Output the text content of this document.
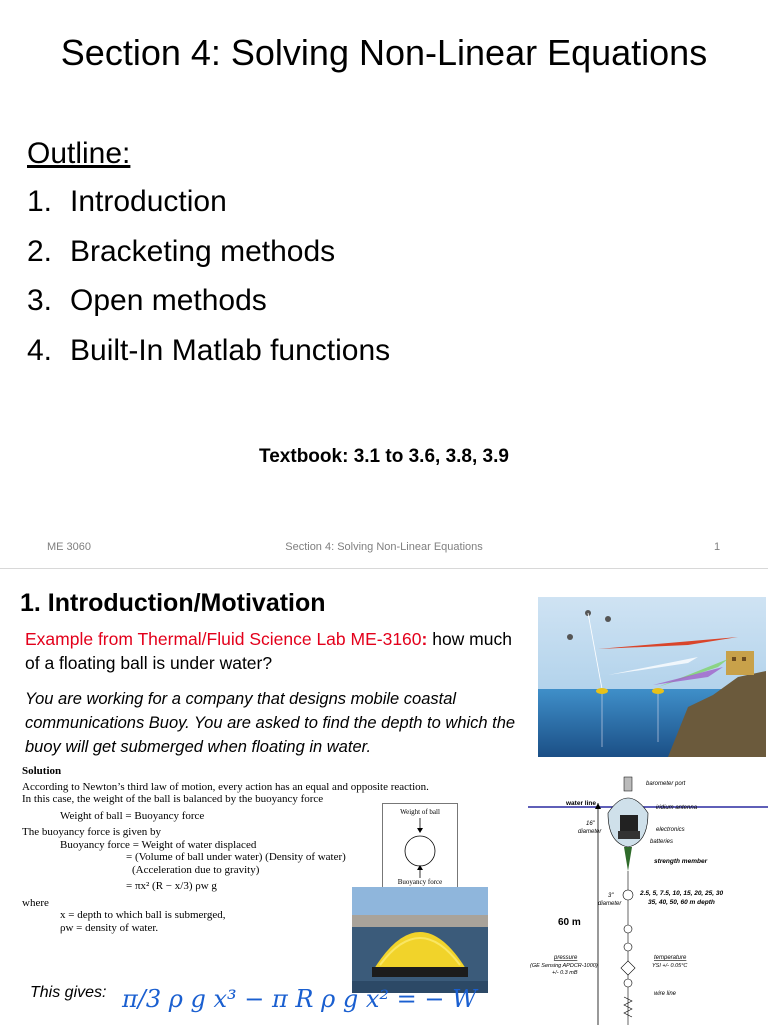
Section 4: Solving Non-Linear Equations
Outline:
1. Introduction
2. Bracketing methods
3. Open methods
4. Built-In Matlab functions
Textbook: 3.1 to 3.6, 3.8, 3.9
ME 3060	Section 4: Solving Non-Linear Equations	1
1. Introduction/Motivation
Example from Thermal/Fluid Science Lab ME-3160: how much of a floating ball is under water?
You are working for a company that designs mobile coastal communications Buoy. You are asked to find the depth to which the buoy will get submerged when floating in water.
Solution
According to Newton’s third law of motion, every action has an equal and opposite reaction.
In this case, the weight of the ball is balanced by the buoyancy force
Weight of ball = Buoyancy force
The buoyancy force is given by
Buoyancy force = Weight of water displaced
= (Volume of ball under water) (Density of water)
(Acceleration due to gravity)
= πx² (R − x/3) ρw g
where
x = depth to which ball is submerged,
ρw = density of water.
Weight of ball
Buoyancy force
barometer port
water line
iridium antenna
16"
diameter	electronics
batteries
strength member
3"
diameter
2.5, 5, 7.5, 10, 15, 20, 25, 30
35, 40, 50, 60 m depth
60 m
pressure
(GE Sensing APDCR-1000)
+/- 0.3 mB
temperature
YSI +/- 0.05°C
wire line
This gives: π/3 ρ g x³ − π R ρ g x² = − W
